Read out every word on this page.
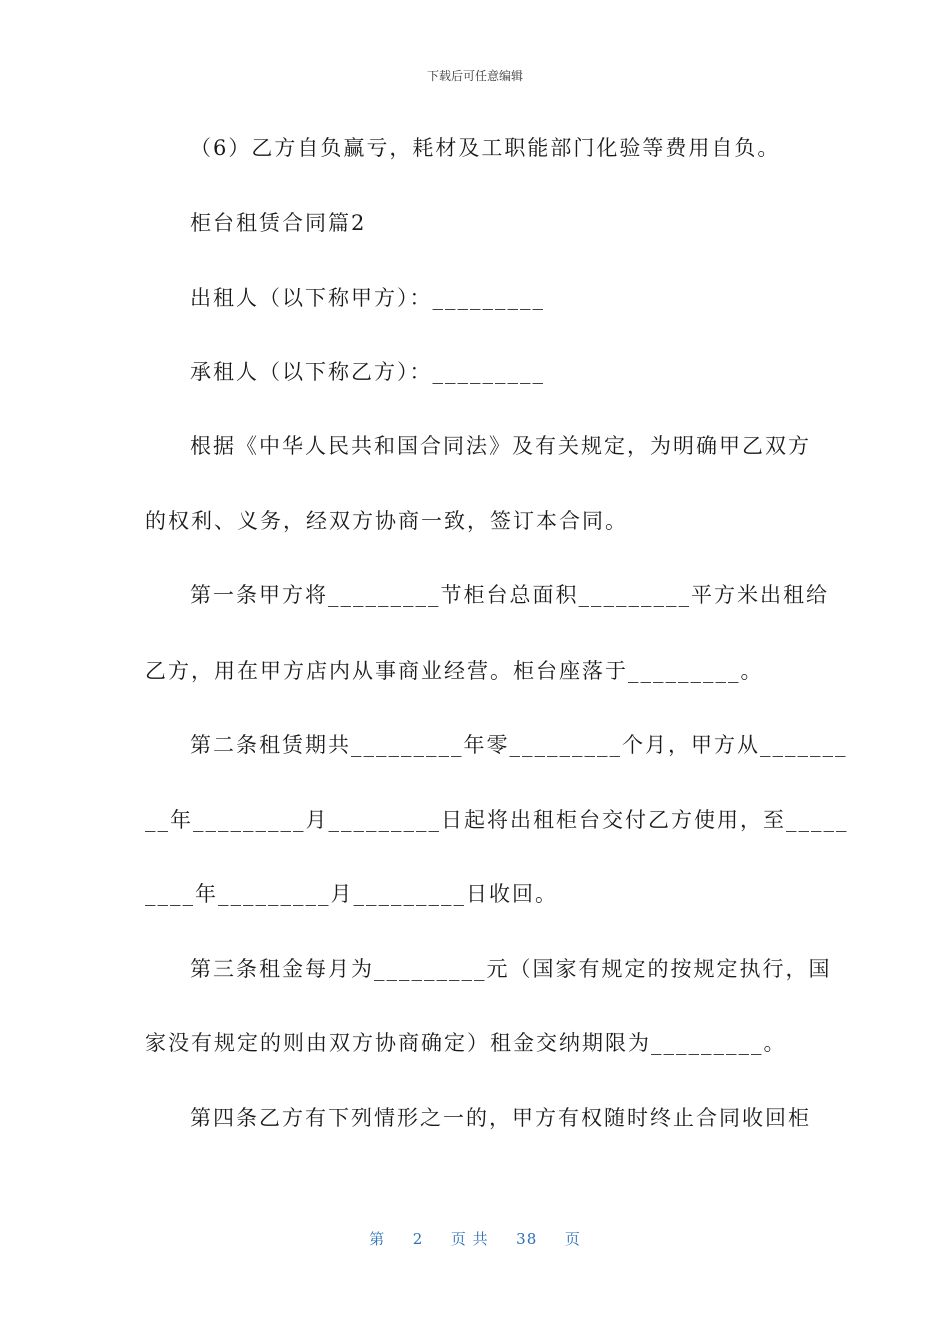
下载后可任意编辑
（6）乙方自负赢亏，耗材及工职能部门化验等费用自负。
柜台租赁合同篇2
出租人（以下称甲方）：_________
承租人（以下称乙方）：_________
根据《中华人民共和国合同法》及有关规定，为明确甲乙双方
的权利、义务，经双方协商一致，签订本合同。
第一条甲方将_________节柜台总面积_________平方米出租给
乙方，用在甲方店内从事商业经营。柜台座落于_________。
第二条租赁期共_________年零_________个月，甲方从_______
__年_________月_________日起将出租柜台交付乙方使用，至_____
____年_________月_________日收回。
第三条租金每月为_________元（国家有规定的按规定执行，国
家没有规定的则由双方协商确定）租金交纳期限为_________。
第四条乙方有下列情形之一的，甲方有权随时终止合同收回柜
第 2 页 共 38 页
